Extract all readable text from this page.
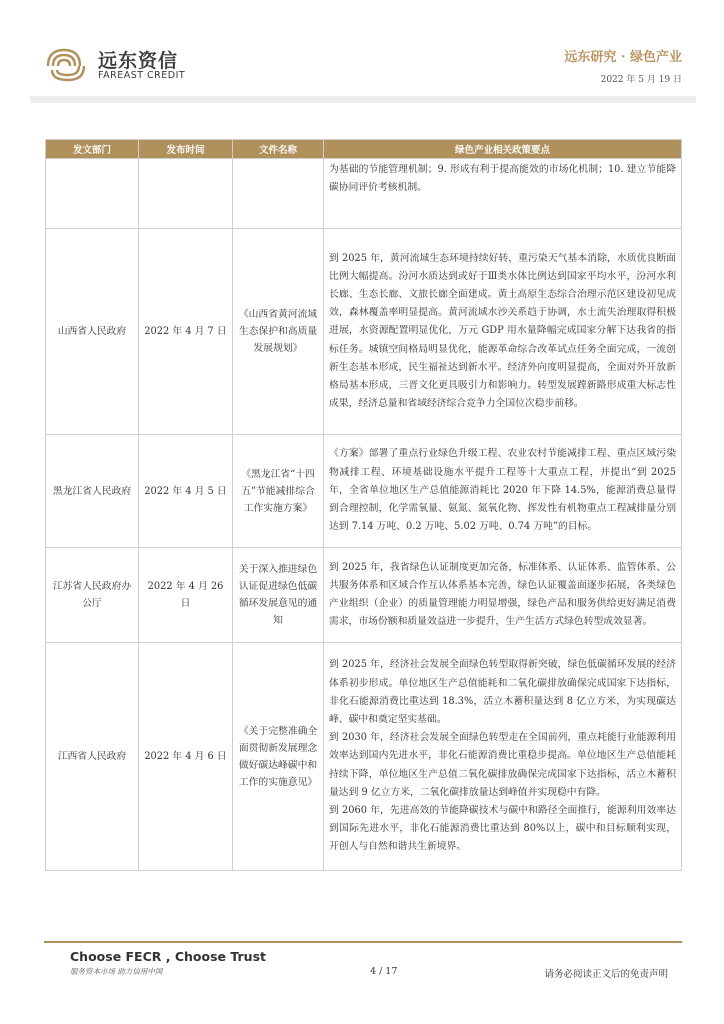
远东资信
FAREAST CREDIT
远东研究 · 绿色产业
2022 年 5 月 19 日
发文部门	发布时间	文件名称	绿色产业相关政策要点

			为基础的节能管理机制；9. 形成有利于提高能效的市场化机制；10. 建立节能降碳协同评价考核机制。

山西省人民政府	2022 年 4 月 7 日	《山西省黄河流域生态保护和高质量发展规划》	到 2025 年，黄河流域生态环境持续好转，重污染天气基本消除，水质优良断面比例大幅提高。汾河水质达到或好于Ⅲ类水体比例达到国家平均水平，汾河水利长廊、生态长廊、文旅长廊全面建成。黄土高原生态综合治理示范区建设初见成效，森林覆盖率明显提高。黄河流域水沙关系趋于协调，水土流失治理取得积极进展，水资源配置明显优化，万元 GDP 用水量降幅完成国家分解下达我省的指标任务。城镇空间格局明显优化，能源革命综合改革试点任务全面完成，一流创新生态基本形成，民生福祉达到新水平。经济外向度明显提高，全面对外开放新格局基本形成，三晋文化更具吸引力和影响力。转型发展蹚新路形成重大标志性成果，经济总量和省域经济综合竞争力全国位次稳步前移。

黑龙江省人民政府	2022 年 4 月 5 日	《黑龙江省“十四五”节能减排综合工作实施方案》	《方案》部署了重点行业绿色升级工程、农业农村节能减排工程、重点区域污染物减排工程、环境基础设施水平提升工程等十大重点工程，并提出“到 2025 年，全省单位地区生产总值能源消耗比 2020 年下降 14.5%，能源消费总量得到合理控制，化学需氧量、氨氮、氮氧化物、挥发性有机物重点工程减排量分别达到 7.14 万吨、0.2 万吨、5.02 万吨、0.74 万吨”的目标。

江苏省人民政府办公厅	2022 年 4 月 26 日	关于深入推进绿色认证促进绿色低碳循环发展意见的通知	到 2025 年，我省绿色认证制度更加完备，标准体系、认证体系、监管体系、公共服务体系和区域合作互认体系基本完善，绿色认证覆盖面逐步拓展，各类绿色产业组织（企业）的质量管理能力明显增强，绿色产品和服务供给更好满足消费需求，市场份额和质量效益进一步提升，生产生活方式绿色转型成效显著。

江西省人民政府	2022 年 4 月 6 日	《关于完整准确全面贯彻新发展理念做好碳达峰碳中和工作的实施意见》	到 2025 年，经济社会发展全面绿色转型取得新突破，绿色低碳循环发展的经济体系初步形成。单位地区生产总值能耗和二氧化碳排放确保完成国家下达指标，非化石能源消费比重达到 18.3%，活立木蓄积量达到 8 亿立方米，为实现碳达峰、碳中和奠定坚实基础。
到 2030 年，经济社会发展全面绿色转型走在全国前列，重点耗能行业能源利用效率达到国内先进水平，非化石能源消费比重稳步提高。单位地区生产总值能耗持续下降，单位地区生产总值二氧化碳排放确保完成国家下达指标，活立木蓄积量达到 9 亿立方米，二氧化碳排放量达到峰值并实现稳中有降。
到 2060 年，先进高效的节能降碳技术与碳中和路径全面推行，能源利用效率达到国际先进水平，非化石能源消费比重达到 80%以上，碳中和目标顺利实现，开创人与自然和谐共生新境界。
Choose FECR , Choose Trust
服务资本市场 助力信用中国	4 / 17	请务必阅读正文后的免责声明
